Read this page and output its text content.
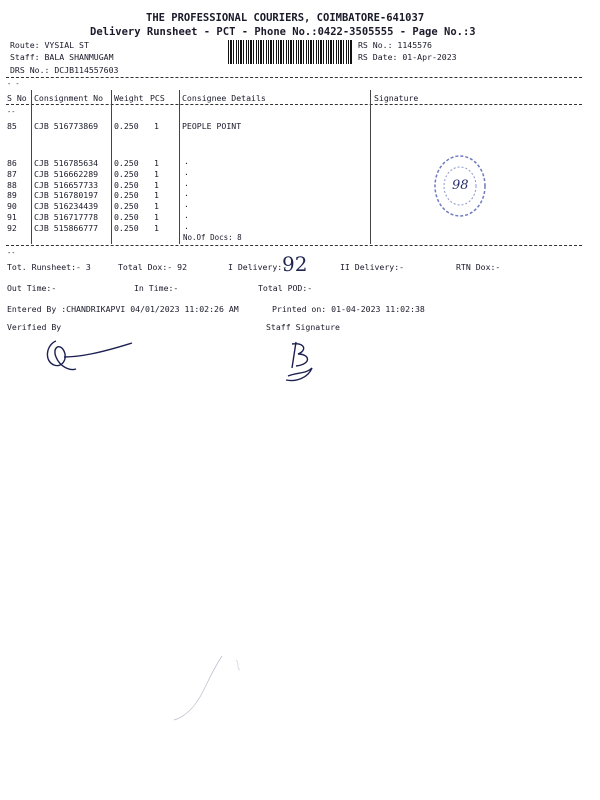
THE PROFESSIONAL COURIERS, COIMBATORE-641037
Delivery Runsheet - PCT - Phone No.:0422-3505555 - Page No.:3
Route: VYSIAL ST
Staff: BALA SHANMUGAM
DRS No.: DCJB114557603
RS No.: 1145576
RS Date: 01-Apr-2023
- -
S No Consignment No Weight PCS Consignee Details	Signature
--
85 CJB 516773869 0.250 1	PEOPLE POINT
86 CJB 516785634 0.250 1	.
87 CJB 516662289 0.250 1	.
88 CJB 516657733 0.250 1	.
89 CJB 516780197 0.250 1	.
90 CJB 516234439 0.250 1	.
91 CJB 516717778 0.250 1	.
92 CJB 515866777 0.250 1	.
No.Of Docs: 8
98
--
Tot. Runsheet:- 3	Total Dox:- 92	I Delivery:-
92	II Delivery:-	RTN Dox:-
Out Time:-	In Time:-	Total POD:-
Entered By :CHANDRIKAPVI 04/01/2023 11:02:26 AM	Printed on: 01-04-2023 11:02:38
Verified By	Staff Signature
